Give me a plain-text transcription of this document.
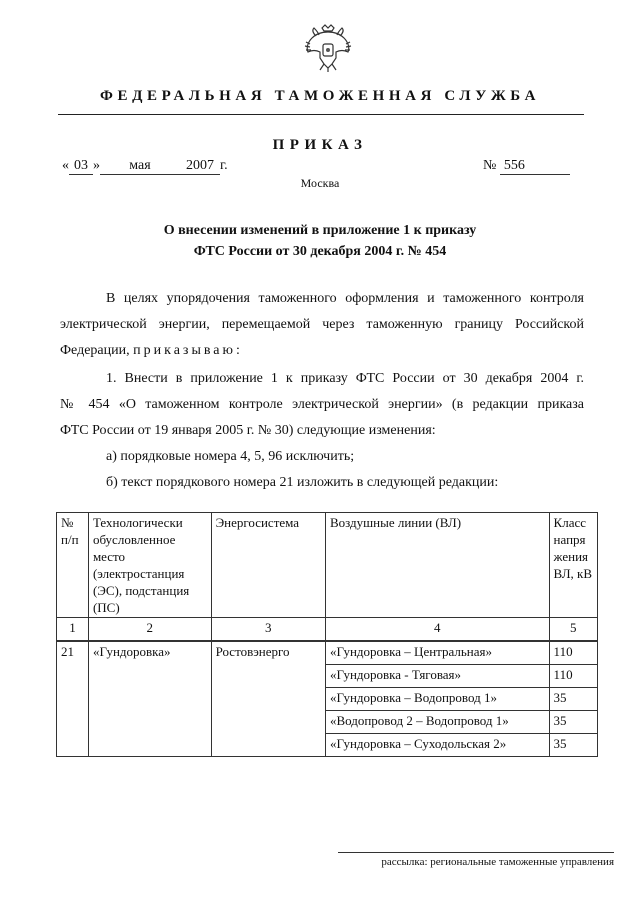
ФЕДЕРАЛЬНАЯ ТАМОЖЕННАЯ СЛУЖБА
ПРИКАЗ
« 03 » мая	2007 г.	№ 556
Москва
О внесении изменений в приложение 1 к приказу
ФТС России от 30 декабря 2004 г. № 454
В целях упорядочения таможенного оформления и таможенного контроля
электрической энергии, перемещаемой через таможенную границу Российской
Федерации, приказываю:
1. Внести в приложение 1 к приказу ФТС России от 30 декабря 2004 г.
№ 454 «О таможенном контроле электрической энергии» (в редакции приказа
ФТС России от 19 января 2005 г. № 30) следующие изменения:
а) порядковые номера 4, 5, 96 исключить;
б) текст порядкового номера 21 изложить в следующей редакции:
№ п/п	Технологически обусловленное место (электростанция (ЭС), подстанция (ПС)	Энергосистема	Воздушные линии (ВЛ)	Класс напря жения ВЛ, кВ
1	2	3	4	5
21	«Гундоровка»	Ростовэнерго	«Гундоровка – Центральная»	110
			«Гундоровка - Тяговая»	110
			«Гундоровка – Водопровод 1»	35
			«Водопровод 2 – Водопровод 1»	35
			«Гундоровка – Суходольская 2»	35
рассылка: региональные таможенные управления
